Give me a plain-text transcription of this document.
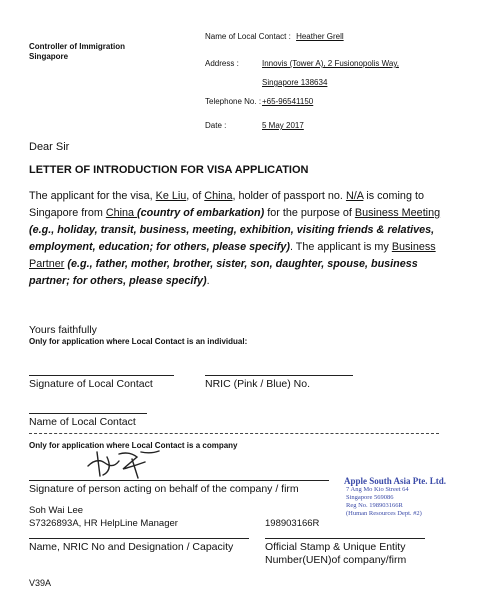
Controller of Immigration
Singapore
Name of Local Contact : Heather Grell
Address :	Innovis (Tower A), 2 Fusionopolis Way,
Singapore 138634
Telephone No. : +65-96541150
Date :	5 May 2017
Dear Sir
LETTER OF INTRODUCTION FOR VISA APPLICATION
The applicant for the visa, Ke Liu, of China, holder of passport no. N/A is coming to Singapore from China (country of embarkation) for the purpose of Business Meeting (e.g., holiday, transit, business, meeting, exhibition, visiting friends & relatives, employment, education; for others, please specify). The applicant is my Business Partner (e.g., father, mother, brother, sister, son, daughter, spouse, business partner; for others, please specify).
Yours faithfully
Only for application where Local Contact is an individual:
Signature of Local Contact	NRIC (Pink / Blue) No.
Name of Local Contact
Only for application where Local Contact is a company
Signature of person acting on behalf of the company / firm
Apple South Asia Pte. Ltd.
7 Ang Mo Kio Street 64
Singapore 569086
Reg No. 198903166R
(Human Resources Dept. #2)
Soh Wai Lee
S7326893A, HR HelpLine Manager	198903166R
Name, NRIC No and Designation / Capacity	Official Stamp & Unique Entity
Number(UEN)of company/firm
V39A
